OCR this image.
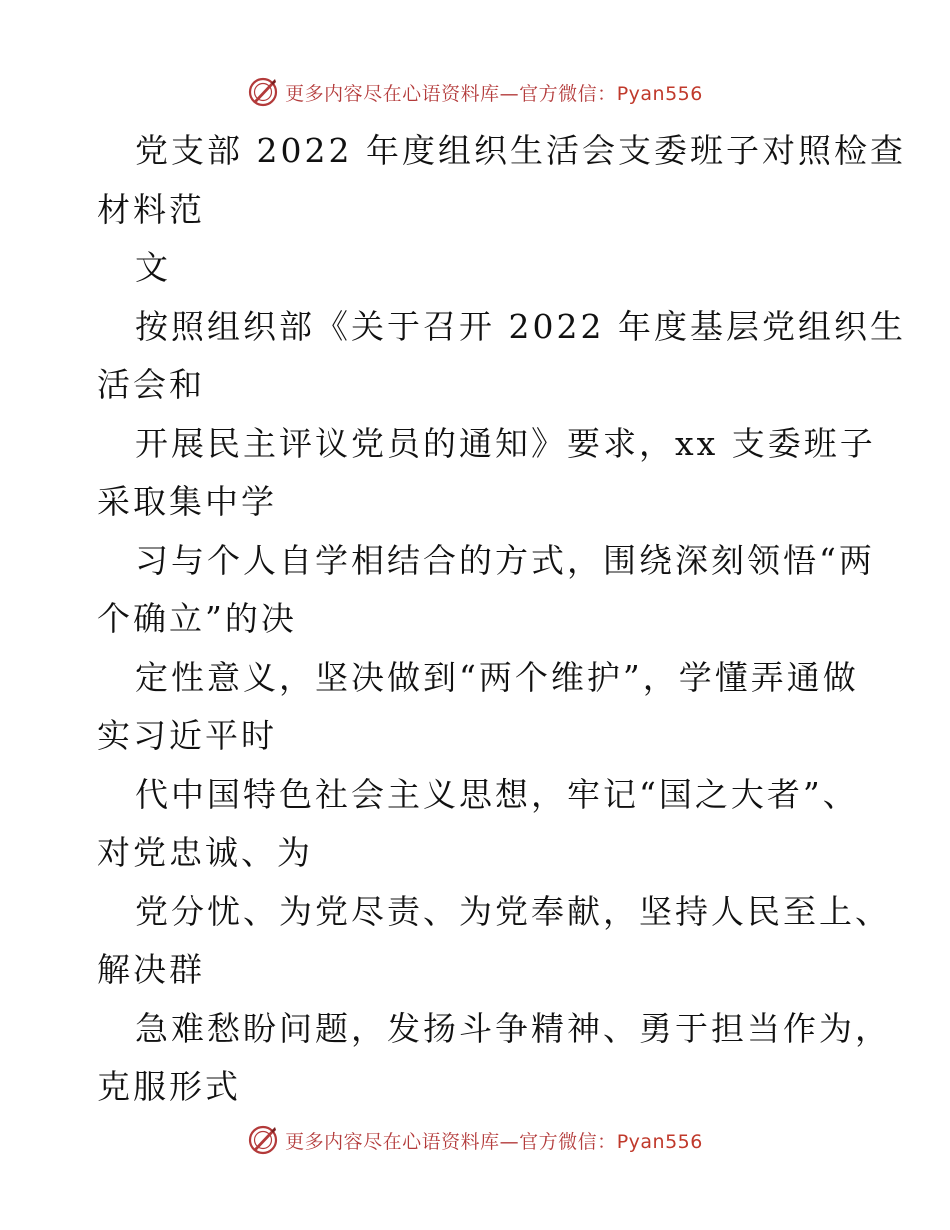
更多内容尽在心语资料库—官方微信：Pyan556
党支部 2022 年度组织生活会支委班子对照检查
材料范
文
按照组织部《关于召开 2022 年度基层党组织生
活会和
开展民主评议党员的通知》要求，xx 支委班子
采取集中学
习与个人自学相结合的方式，围绕深刻领悟“两
个确立”的决
定性意义，坚决做到“两个维护”，学懂弄通做
实习近平时
代中国特色社会主义思想，牢记“国之大者”、
对党忠诚、为
党分忧、为党尽责、为党奉献，坚持人民至上、
解决群
急难愁盼问题，发扬斗争精神、勇于担当作为，
克服形式
更多内容尽在心语资料库—官方微信：Pyan556
